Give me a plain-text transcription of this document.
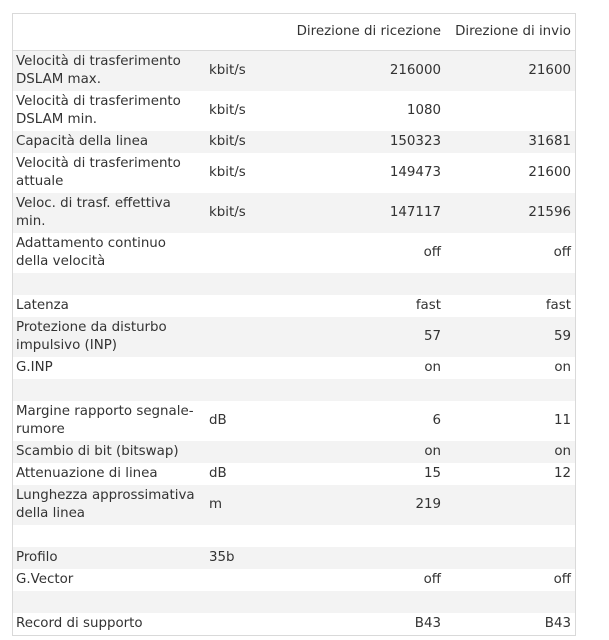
		Direzione di ricezione	Direzione di invio
Velocità di trasferimento DSLAM max.	kbit/s	216000	21600
Velocità di trasferimento DSLAM min.	kbit/s	1080	
Capacità della linea	kbit/s	150323	31681
Velocità di trasferimento attuale	kbit/s	149473	21600
Veloc. di trasf. effettiva min.	kbit/s	147117	21596
Adattamento continuo della velocità		off	off

Latenza		fast	fast
Protezione da disturbo impulsivo (INP)		57	59
G.INP		on	on

Margine rapporto segnale-rumore	dB	6	11
Scambio di bit (bitswap)		on	on
Attenuazione di linea	dB	15	12
Lunghezza approssimativa della linea	m	219	

Profilo	35b		
G.Vector		off	off

Record di supporto		B43	B43
